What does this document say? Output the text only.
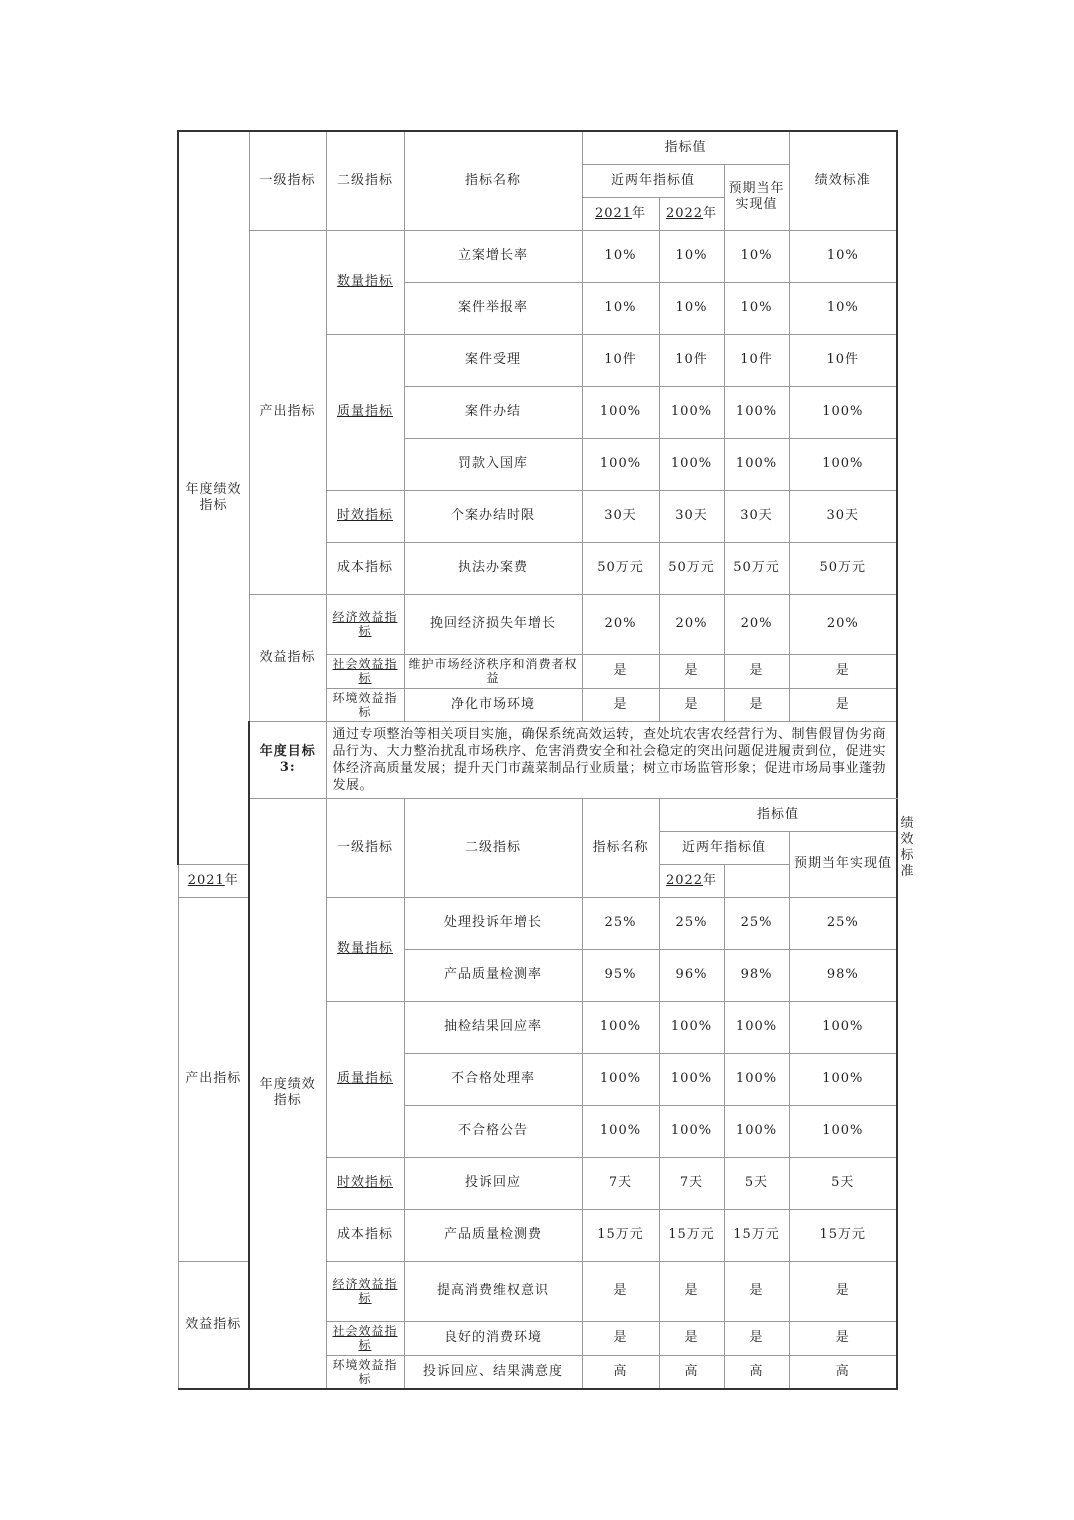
年度绩效指标	一级指标	二级指标	指标名称	指标值			绩效标准	
				近两年指标值		预期当年实现值		
				2021年	2022年			
	产出指标	数量指标	立案增长率	10%	10%	10%	10%	
			案件举报率	10%	10%	10%	10%	
		质量指标	案件受理	10件	10件	10件	10件	
			案件办结	100%	100%	100%	100%	
			罚款入国库	100%	100%	100%	100%	
		时效指标	个案办结时限	30天	30天	30天	30天	
		成本指标	执法办案费	50万元	50万元	50万元	50万元	
	效益指标	经济效益指标	挽回经济损失年增长	20%	20%	20%	20%	
		社会效益指标	维护市场经济秩序和消费者权益	是	是	是	是	
		环境效益指标	净化市场环境	是	是	是	是	
	年度目标3:	通过专项整治等相关项目实施，确保系统高效运转，查处坑农害农经营行为、制售假冒伪劣商品行为、大力整治扰乱市场秩序、危害消费安全和社会稳定的突出问题促进履责到位，促进实体经济高质量发展；提升天门市蔬菜制品行业质量；树立市场监管形象；促进市场局事业蓬勃发展。						
	年度绩效指标	一级指标	二级指标	指标名称	指标值			绩效标准
					近两年指标值		预期当年实现值	
2021年					2022年			
产出指标		数量指标	处理投诉年增长	25%	25%	25%	25%	
			产品质量检测率	95%	96%	98%	98%	
		质量指标	抽检结果回应率	100%	100%	100%	100%	
			不合格处理率	100%	100%	100%	100%	
			不合格公告	100%	100%	100%	100%	
		时效指标	投诉回应	7天	7天	5天	5天	
		成本指标	产品质量检测费	15万元	15万元	15万元	15万元	
效益指标		经济效益指标	提高消费维权意识	是	是	是	是	
		社会效益指标	良好的消费环境	是	是	是	是	
		环境效益指标	投诉回应、结果满意度	高	高	高	高	
